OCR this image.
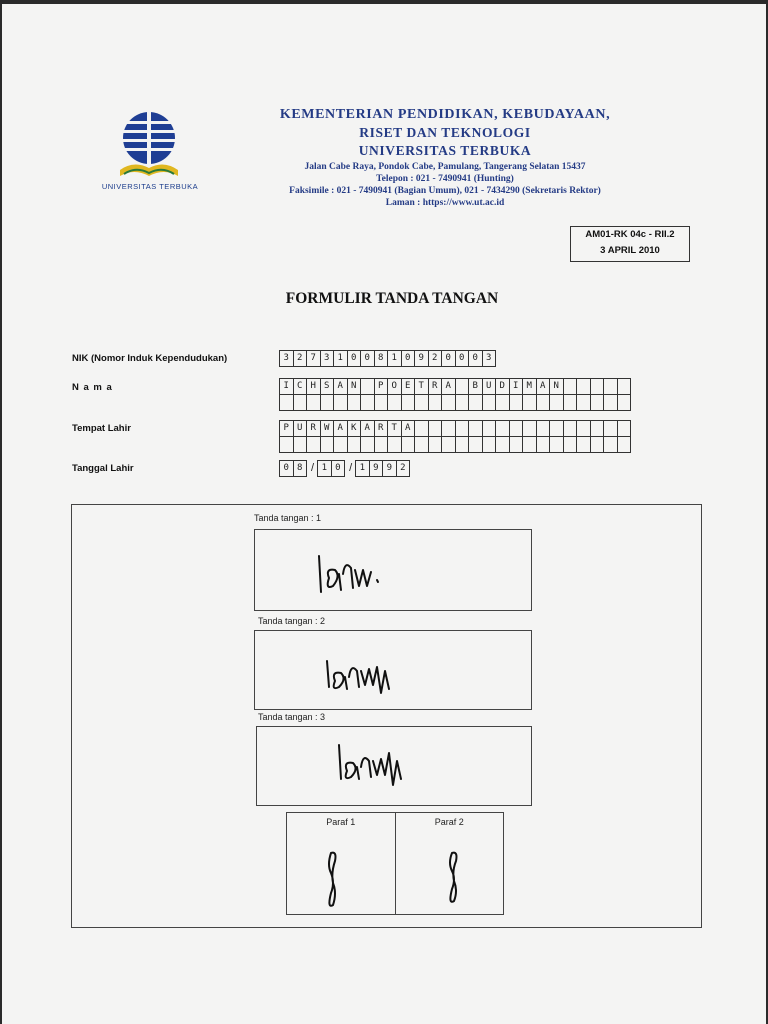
UNIVERSITAS TERBUKA
KEMENTERIAN PENDIDIKAN, KEBUDAYAAN,
RISET DAN TEKNOLOGI
UNIVERSITAS TERBUKA
Jalan Cabe Raya, Pondok Cabe, Pamulang, Tangerang Selatan 15437
Telepon : 021 - 7490941 (Hunting)
Faksimile : 021 - 7490941 (Bagian Umum), 021 - 7434290 (Sekretaris Rektor)
Laman : https://www.ut.ac.id
AM01-RK 04c - RII.2
3 APRIL 2010
FORMULIR TANDA TANGAN
NIK (Nomor Induk Kependudukan)	3 2 7 3 1 0 0 8 1 0 9 2 0 0 0 3
N a m a	I C H S A N	P O E T R A	B U D I M A N
Tempat Lahir	P U R W A K A R T A
Tanggal Lahir	0 8 / 1 0 / 1 9 9 2
Tanda tangan : 1
Tanda tangan : 2
Tanda tangan : 3
Paraf 1	Paraf 2
